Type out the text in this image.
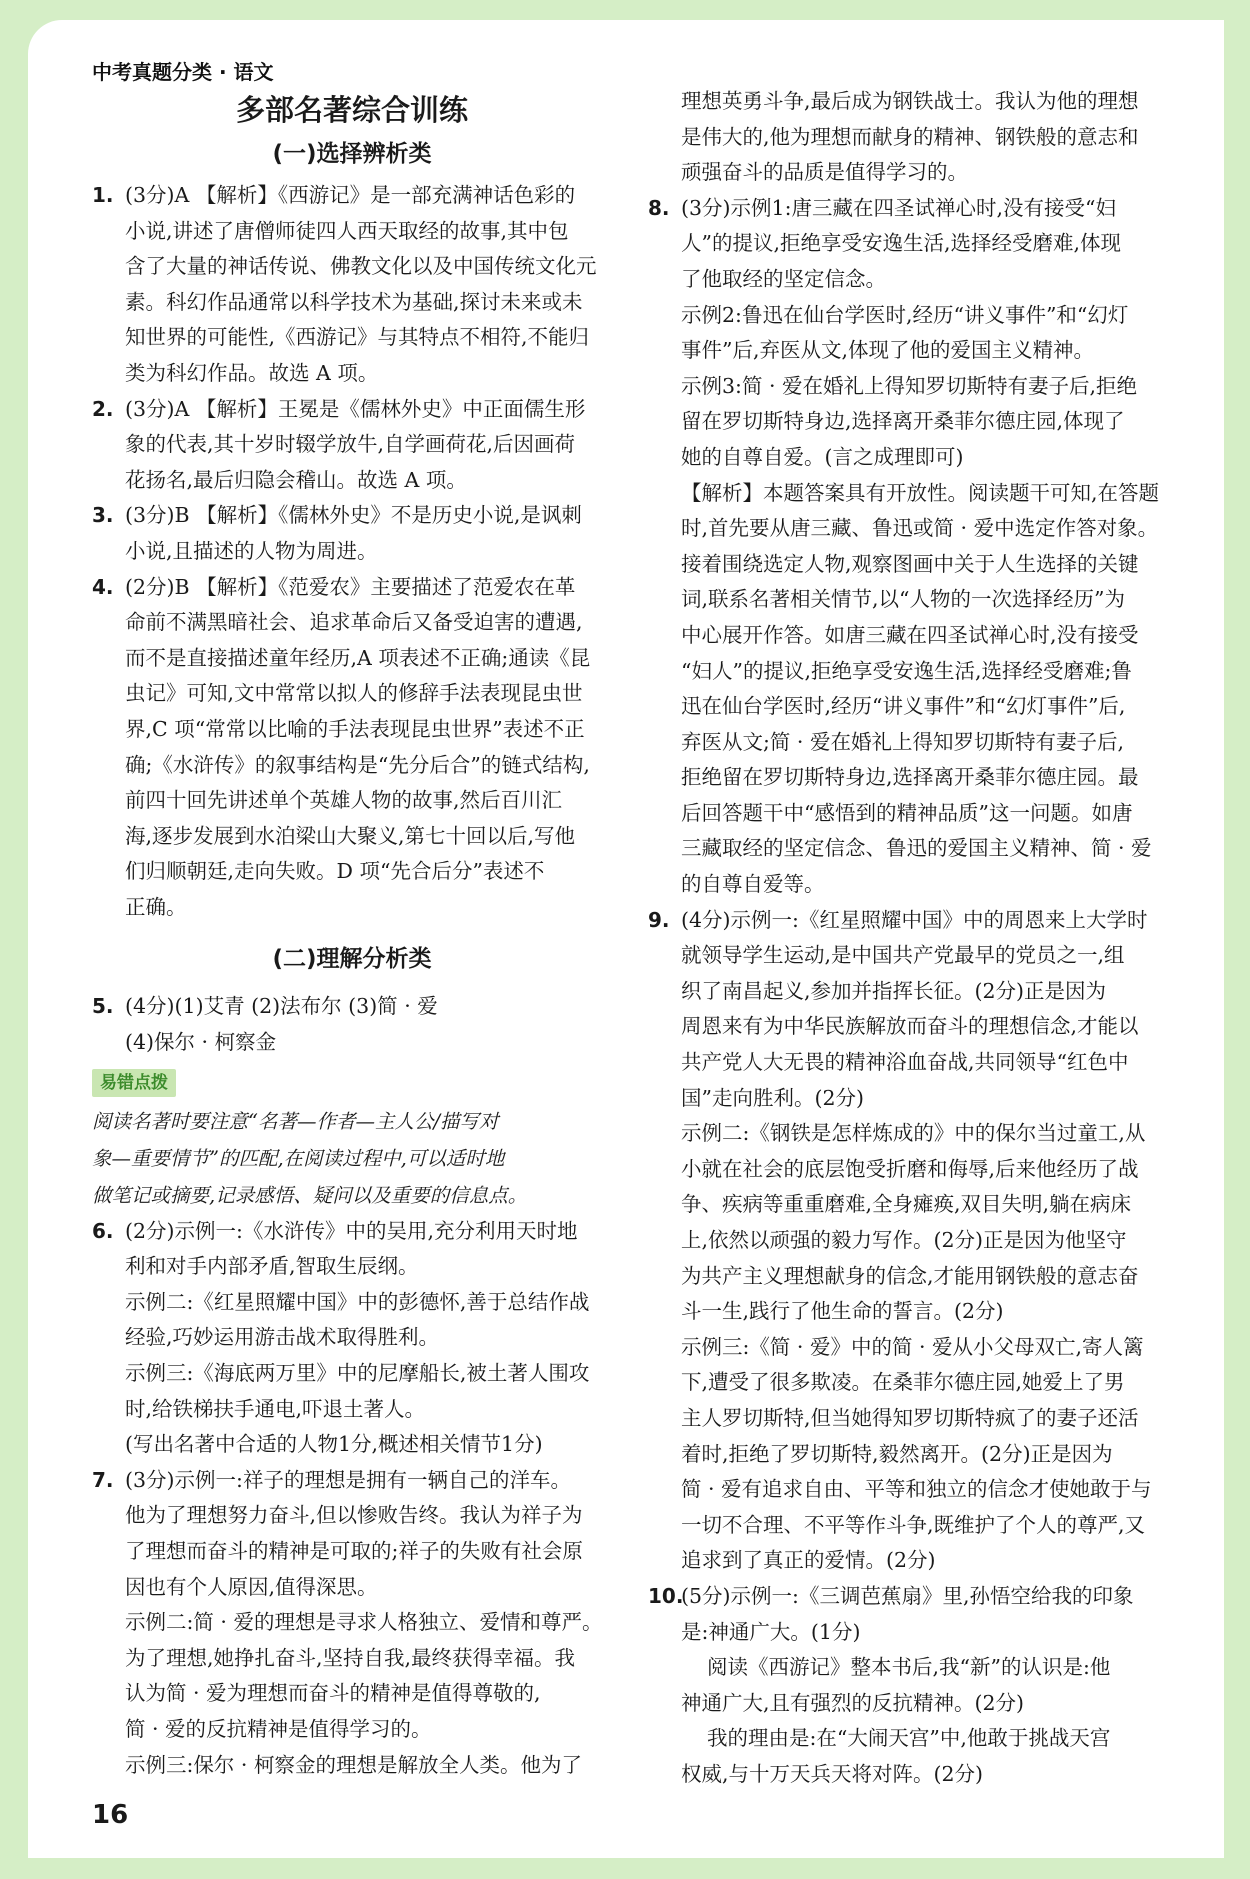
中考真题分类 · 语文
多部名著综合训练
(一)选择辨析类
1. (3分)A 【解析】《西游记》是一部充满神话色彩的
小说,讲述了唐僧师徒四人西天取经的故事,其中包
含了大量的神话传说、佛教文化以及中国传统文化元
素。科幻作品通常以科学技术为基础,探讨未来或未
知世界的可能性,《西游记》与其特点不相符,不能归
类为科幻作品。故选 A 项。
2. (3分)A 【解析】王冕是《儒林外史》中正面儒生形
象的代表,其十岁时辍学放牛,自学画荷花,后因画荷
花扬名,最后归隐会稽山。故选 A 项。
3. (3分)B 【解析】《儒林外史》不是历史小说,是讽刺
小说,且描述的人物为周进。
4. (2分)B 【解析】《范爱农》主要描述了范爱农在革
命前不满黑暗社会、追求革命后又备受迫害的遭遇,
而不是直接描述童年经历,A 项表述不正确;通读《昆
虫记》可知,文中常常以拟人的修辞手法表现昆虫世
界,C 项“常常以比喻的手法表现昆虫世界”表述不正
确;《水浒传》的叙事结构是“先分后合”的链式结构,
前四十回先讲述单个英雄人物的故事,然后百川汇
海,逐步发展到水泊梁山大聚义,第七十回以后,写他
们归顺朝廷,走向失败。D 项“先合后分”表述不
正确。
(二)理解分析类
5. (4分)(1)艾青 (2)法布尔 (3)简 · 爱
(4)保尔 · 柯察金
易错点拨
阅读名著时要注意“名著—作者—主人公/描写对
象—重要情节”的匹配,在阅读过程中,可以适时地
做笔记或摘要,记录感悟、疑问以及重要的信息点。
6. (2分)示例一:《水浒传》中的吴用,充分利用天时地
利和对手内部矛盾,智取生辰纲。
示例二:《红星照耀中国》中的彭德怀,善于总结作战
经验,巧妙运用游击战术取得胜利。
示例三:《海底两万里》中的尼摩船长,被土著人围攻
时,给铁梯扶手通电,吓退土著人。
(写出名著中合适的人物1分,概述相关情节1分)
7. (3分)示例一:祥子的理想是拥有一辆自己的洋车。
他为了理想努力奋斗,但以惨败告终。我认为祥子为
了理想而奋斗的精神是可取的;祥子的失败有社会原
因也有个人原因,值得深思。
示例二:简 · 爱的理想是寻求人格独立、爱情和尊严。
为了理想,她挣扎奋斗,坚持自我,最终获得幸福。我
认为简 · 爱为理想而奋斗的精神是值得尊敬的,
简 · 爱的反抗精神是值得学习的。
示例三:保尔 · 柯察金的理想是解放全人类。他为了
理想英勇斗争,最后成为钢铁战士。我认为他的理想
是伟大的,他为理想而献身的精神、钢铁般的意志和
顽强奋斗的品质是值得学习的。
8. (3分)示例1:唐三藏在四圣试禅心时,没有接受“妇
人”的提议,拒绝享受安逸生活,选择经受磨难,体现
了他取经的坚定信念。
示例2:鲁迅在仙台学医时,经历“讲义事件”和“幻灯
事件”后,弃医从文,体现了他的爱国主义精神。
示例3:简 · 爱在婚礼上得知罗切斯特有妻子后,拒绝
留在罗切斯特身边,选择离开桑菲尔德庄园,体现了
她的自尊自爱。(言之成理即可)
【解析】本题答案具有开放性。阅读题干可知,在答题
时,首先要从唐三藏、鲁迅或简 · 爱中选定作答对象。
接着围绕选定人物,观察图画中关于人生选择的关键
词,联系名著相关情节,以“人物的一次选择经历”为
中心展开作答。如唐三藏在四圣试禅心时,没有接受
“妇人”的提议,拒绝享受安逸生活,选择经受磨难;鲁
迅在仙台学医时,经历“讲义事件”和“幻灯事件”后,
弃医从文;简 · 爱在婚礼上得知罗切斯特有妻子后,
拒绝留在罗切斯特身边,选择离开桑菲尔德庄园。最
后回答题干中“感悟到的精神品质”这一问题。如唐
三藏取经的坚定信念、鲁迅的爱国主义精神、简 · 爱
的自尊自爱等。
9. (4分)示例一:《红星照耀中国》中的周恩来上大学时
就领导学生运动,是中国共产党最早的党员之一,组
织了南昌起义,参加并指挥长征。(2分)正是因为
周恩来有为中华民族解放而奋斗的理想信念,才能以
共产党人大无畏的精神浴血奋战,共同领导“红色中
国”走向胜利。(2分)
示例二:《钢铁是怎样炼成的》中的保尔当过童工,从
小就在社会的底层饱受折磨和侮辱,后来他经历了战
争、疾病等重重磨难,全身瘫痪,双目失明,躺在病床
上,依然以顽强的毅力写作。(2分)正是因为他坚守
为共产主义理想献身的信念,才能用钢铁般的意志奋
斗一生,践行了他生命的誓言。(2分)
示例三:《简 · 爱》中的简 · 爱从小父母双亡,寄人篱
下,遭受了很多欺凌。在桑菲尔德庄园,她爱上了男
主人罗切斯特,但当她得知罗切斯特疯了的妻子还活
着时,拒绝了罗切斯特,毅然离开。(2分)正是因为
简 · 爱有追求自由、平等和独立的信念才使她敢于与
一切不合理、不平等作斗争,既维护了个人的尊严,又
追求到了真正的爱情。(2分)
10.
(5分)示例一:《三调芭蕉扇》里,孙悟空给我的印象
是:神通广大。(1分)
阅读《西游记》整本书后,我“新”的认识是:他
神通广大,且有强烈的反抗精神。(2分)
我的理由是:在“大闹天宫”中,他敢于挑战天宫
权威,与十万天兵天将对阵。(2分)
16
